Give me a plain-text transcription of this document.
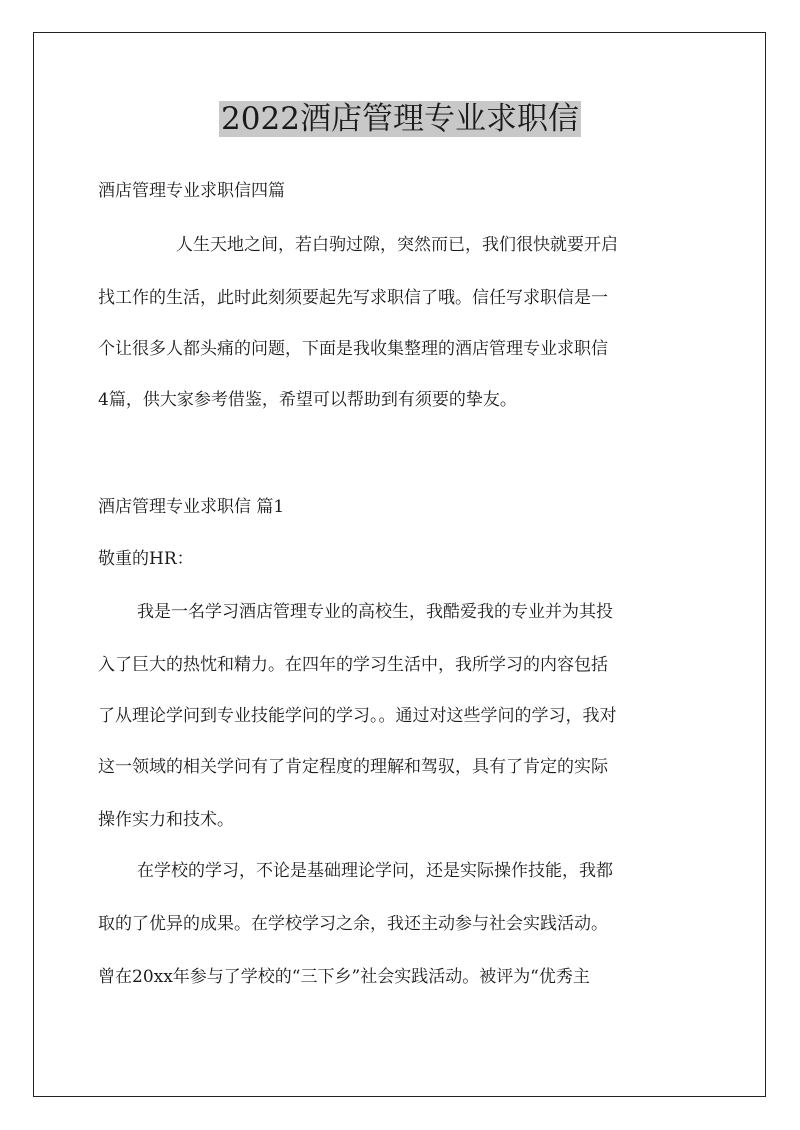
2022酒店管理专业求职信
酒店管理专业求职信四篇
人生天地之间，若白驹过隙，突然而已，我们很快就要开启
找工作的生活，此时此刻须要起先写求职信了哦。信任写求职信是一
个让很多人都头痛的问题，下面是我收集整理的酒店管理专业求职信
4篇，供大家参考借鉴，希望可以帮助到有须要的挚友。
酒店管理专业求职信 篇1
敬重的HR：
我是一名学习酒店管理专业的高校生，我酷爱我的专业并为其投
入了巨大的热忱和精力。在四年的学习生活中，我所学习的内容包括
了从理论学问到专业技能学问的学习。。通过对这些学问的学习，我对
这一领域的相关学问有了肯定程度的理解和驾驭，具有了肯定的实际
操作实力和技术。
在学校的学习，不论是基础理论学问，还是实际操作技能，我都
取的了优异的成果。在学校学习之余，我还主动参与社会实践活动。
曾在20xx年参与了学校的“三下乡”社会实践活动。被评为“优秀主
